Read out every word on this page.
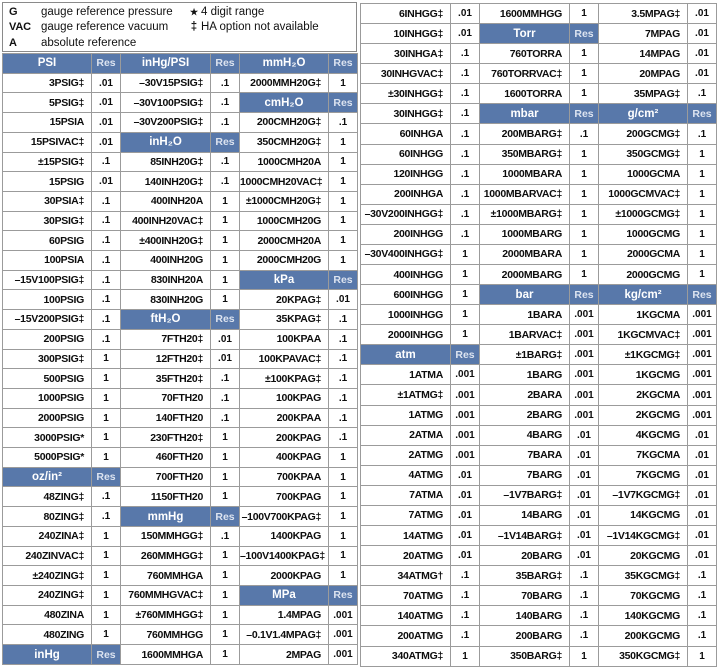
G	gauge reference pressure
VAC gauge reference vacuum
A	absolute reference
★ 4 digit range
‡ HA option not available
PSI	Res	inHg/PSI	Res	mmH₂O	Res
3PSIG‡	.01	–30V15PSIG‡	.1	2000MMH20G‡	1
5PSIG‡	.01	–30V100PSIG‡	.1	cmH₂O	Res
15PSIA	.01	–30V200PSIG‡	.1	200CMH20G‡	.1
15PSIVAC‡	.01	inH₂O	Res	350CMH20G‡	1
±15PSIG‡	.1	85INH20G‡	.1	1000CMH20A	1
15PSIG	.01	140INH20G‡	.1	1000CMH20VAC‡	1
30PSIA‡	.1	400INH20A	1	±1000CMH20G‡	1
30PSIG‡	.1	400INH20VAC‡	1	1000CMH20G	1
60PSIG	.1	±400INH20G‡	1	2000CMH20A	1
100PSIA	.1	400INH20G	1	2000CMH20G	1
–15V100PSIG‡	.1	830INH20A	1	kPa	Res
100PSIG	.1	830INH20G	1	20KPAG‡	.01
–15V200PSIG‡	.1	ftH₂O	Res	35KPAG‡	.1
200PSIG	.1	7FTH20‡	.01	100KPAA	.1
300PSIG‡	1	12FTH20‡	.01	100KPAVAC‡	.1
500PSIG	1	35FTH20‡	.1	±100KPAG‡	.1
1000PSIG	1	70FTH20	.1	100KPAG	.1
2000PSIG	1	140FTH20	.1	200KPAA	.1
3000PSIG*	1	230FTH20‡	1	200KPAG	.1
5000PSIG*	1	460FTH20	1	400KPAG	1
oz/in²	Res	700FTH20	1	700KPAA	1
48ZING‡	.1	1150FTH20	1	700KPAG	1
80ZING‡	.1	mmHg	Res	–100V700KPAG‡	1
240ZINA‡	1	150MMHGG‡	.1	1400KPAG	1
240ZINVAC‡	1	260MMHGG‡	1	–100V1400KPAG‡	1
±240ZING‡	1	760MMHGA	1	2000KPAG	1
240ZING‡	1	760MMHGVAC‡	1	MPa	Res
480ZINA	1	±760MMHGG‡	1	1.4MPAG	.001
480ZING	1	760MMHGG	1	–0.1V1.4MPAG‡	.001
inHg	Res	1600MMHGA	1	2MPAG	.001
6INHGG‡	.01	1600MMHGG	1	3.5MPAG‡	.01
10INHGG‡	.01	Torr	Res	7MPAG	.01
30INHGA‡	.1	760TORRA	1	14MPAG	.01
30INHGVAC‡	.1	760TORRVAC‡	1	20MPAG	.01
±30INHGG‡	.1	1600TORRA	1	35MPAG‡	.1
30INHGG‡	.1	mbar	Res	g/cm²	Res
60INHGA	.1	200MBARG‡	.1	200GCMG‡	.1
60INHGG	.1	350MBARG‡	1	350GCMG‡	1
120INHGG	.1	1000MBARA	1	1000GCMA	1
200INHGA	.1	1000MBARVAC‡	1	1000GCMVAC‡	1
–30V200INHGG‡	.1	±1000MBARG‡	1	±1000GCMG‡	1
200INHGG	.1	1000MBARG	1	1000GCMG	1
–30V400INHGG‡	1	2000MBARA	1	2000GCMA	1
400INHGG	1	2000MBARG	1	2000GCMG	1
600INHGG	1	bar	Res	kg/cm²	Res
1000INHGG	1	1BARA	.001	1KGCMA	.001
2000INHGG	1	1BARVAC‡	.001	1KGCMVAC‡	.001
atm	Res	±1BARG‡	.001	±1KGCMG‡	.001
1ATMA	.001	1BARG	.001	1KGCMG	.001
±1ATMG‡	.001	2BARA	.001	2KGCMA	.001
1ATMG	.001	2BARG	.001	2KGCMG	.001
2ATMA	.001	4BARG	.01	4KGCMG	.01
2ATMG	.001	7BARA	.01	7KGCMA	.01
4ATMG	.01	7BARG	.01	7KGCMG	.01
7ATMA	.01	–1V7BARG‡	.01	–1V7KGCMG‡	.01
7ATMG	.01	14BARG	.01	14KGCMG	.01
14ATMG	.01	–1V14BARG‡	.01	–1V14KGCMG‡	.01
20ATMG	.01	20BARG	.01	20KGCMG	.01
34ATMG†	.1	35BARG‡	.1	35KGCMG‡	.1
70ATMG	.1	70BARG	.1	70KGCMG	.1
140ATMG	.1	140BARG	.1	140KGCMG	.1
200ATMG	.1	200BARG	.1	200KGCMG	.1
340ATMG‡	1	350BARG‡	1	350KGCMG‡	1
